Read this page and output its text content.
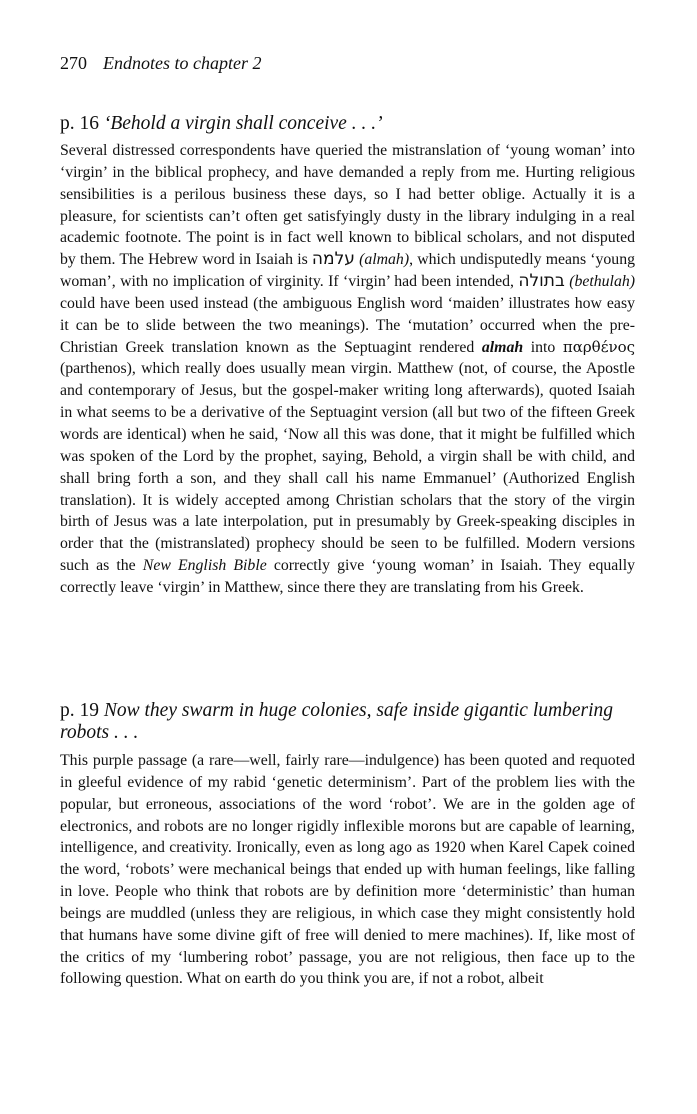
270 Endnotes to chapter 2
p. 16 ‘Behold a virgin shall conceive . . .’

Several distressed correspondents have queried the mistranslation of ‘young woman’ into ‘virgin’ in the biblical prophecy, and have demanded a reply from me. Hurting religious sensibilities is a perilous business these days, so I had better oblige. Actually it is a pleasure, for scientists can’t often get satisfyingly dusty in the library indulging in a real academic footnote. The point is in fact well known to biblical scholars, and not disputed by them. The Hebrew word in Isaiah is עלמה (almah), which undisputedly means ‘young woman’, with no implication of virginity. If ‘virgin’ had been intended, בתולה (bethulah) could have been used instead (the ambiguous English word ‘maiden’ illustrates how easy it can be to slide between the two meanings). The ‘mutation’ occurred when the pre-Christian Greek translation known as the Septuagint rendered almah into παρθένος (parthenos), which really does usually mean virgin. Matthew (not, of course, the Apostle and contemporary of Jesus, but the gospel-maker writing long afterwards), quoted Isaiah in what seems to be a derivative of the Septuagint version (all but two of the fifteen Greek words are identical) when he said, ‘Now all this was done, that it might be fulfilled which was spoken of the Lord by the prophet, saying, Behold, a virgin shall be with child, and shall bring forth a son, and they shall call his name Emmanuel’ (Authorized English translation). It is widely accepted among Christian scholars that the story of the virgin birth of Jesus was a late interpolation, put in presumably by Greek-speaking disciples in order that the (mistranslated) prophecy should be seen to be fulfilled. Modern versions such as the New English Bible correctly give ‘young woman’ in Isaiah. They equally correctly leave ‘virgin’ in Matthew, since there they are translating from his Greek.

p. 19 Now they swarm in huge colonies, safe inside gigantic lumbering robots . . .

This purple passage (a rare—well, fairly rare—indulgence) has been quoted and requoted in gleeful evidence of my rabid ‘genetic determinism’. Part of the problem lies with the popular, but erroneous, associations of the word ‘robot’. We are in the golden age of electronics, and robots are no longer rigidly inflexible morons but are capable of learning, intelligence, and creativity. Ironically, even as long ago as 1920 when Karel Capek coined the word, ‘robots’ were mechanical beings that ended up with human feelings, like falling in love. People who think that robots are by definition more ‘deterministic’ than human beings are muddled (unless they are religious, in which case they might consistently hold that humans have some divine gift of free will denied to mere machines). If, like most of the critics of my ‘lumbering robot’ passage, you are not religious, then face up to the following question. What on earth do you think you are, if not a robot, albeit
